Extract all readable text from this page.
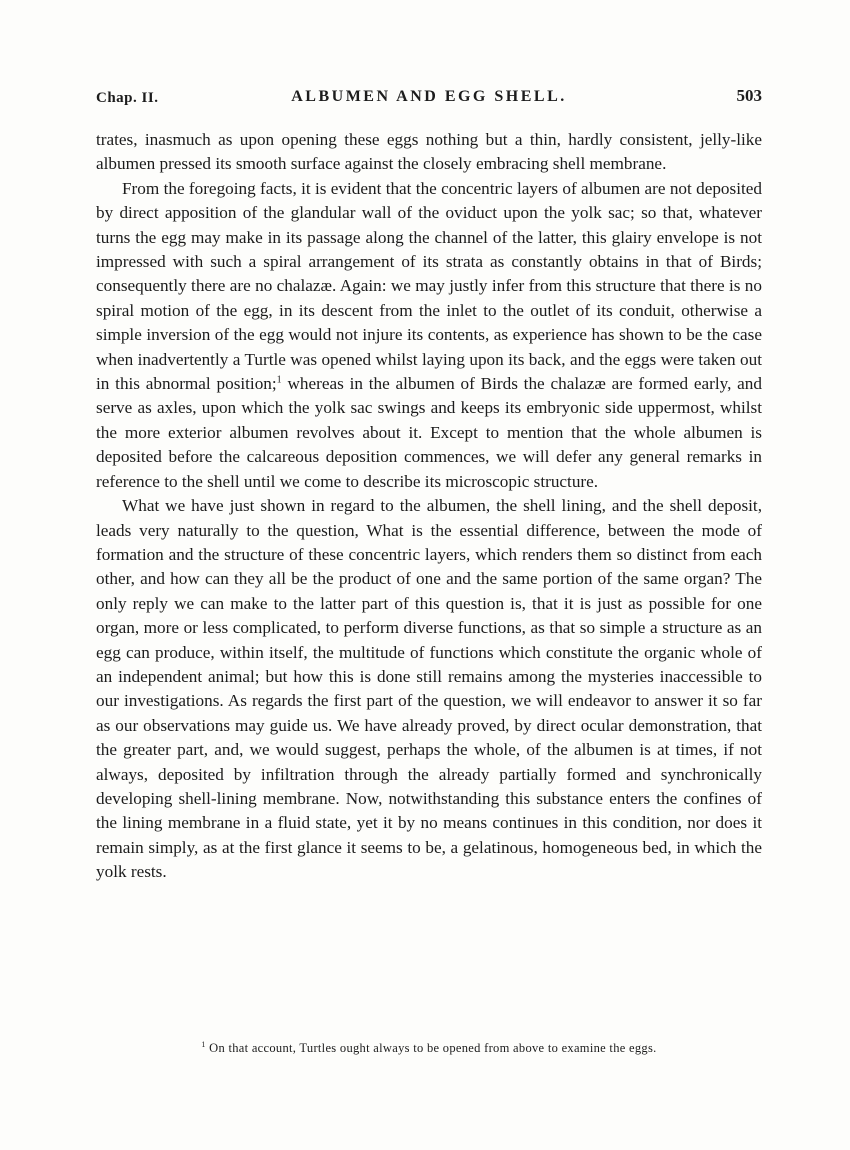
Chap. II.	ALBUMEN AND EGG SHELL.	503

trates, inasmuch as upon opening these eggs nothing but a thin, hardly consistent, jelly-like albumen pressed its smooth surface against the closely embracing shell membrane.

From the foregoing facts, it is evident that the concentric layers of albumen are not deposited by direct apposition of the glandular wall of the oviduct upon the yolk sac; so that, whatever turns the egg may make in its passage along the channel of the latter, this glairy envelope is not impressed with such a spiral arrangement of its strata as constantly obtains in that of Birds; consequently there are no chalazæ. Again: we may justly infer from this structure that there is no spiral motion of the egg, in its descent from the inlet to the outlet of its conduit, otherwise a simple inversion of the egg would not injure its contents, as experience has shown to be the case when inadvertently a Turtle was opened whilst laying upon its back, and the eggs were taken out in this abnormal position;$^1$ whereas in the albumen of Birds the chalazæ are formed early, and serve as axles, upon which the yolk sac swings and keeps its embryonic side uppermost, whilst the more exterior albumen revolves about it. Except to mention that the whole albumen is deposited before the calcareous deposition commences, we will defer any general remarks in reference to the shell until we come to describe its microscopic structure.

What we have just shown in regard to the albumen, the shell lining, and the shell deposit, leads very naturally to the question, What is the essential difference, between the mode of formation and the structure of these concentric layers, which renders them so distinct from each other, and how can they all be the product of one and the same portion of the same organ? The only reply we can make to the latter part of this question is, that it is just as possible for one organ, more or less complicated, to perform diverse functions, as that so simple a structure as an egg can produce, within itself, the multitude of functions which constitute the organic whole of an independent animal; but how this is done still remains among the mysteries inaccessible to our investigations. As regards the first part of the question, we will endeavor to answer it so far as our observations may guide us. We have already proved, by direct ocular demonstration, that the greater part, and, we would suggest, perhaps the whole, of the albumen is at times, if not always, deposited by infiltration through the already partially formed and synchronically developing shell-lining membrane. Now, notwithstanding this substance enters the confines of the lining membrane in a fluid state, yet it by no means continues in this condition, nor does it remain simply, as at the first glance it seems to be, a gelatinous, homogeneous bed, in which the yolk rests.

$^1$ On that account, Turtles ought always to be opened from above to examine the eggs.
